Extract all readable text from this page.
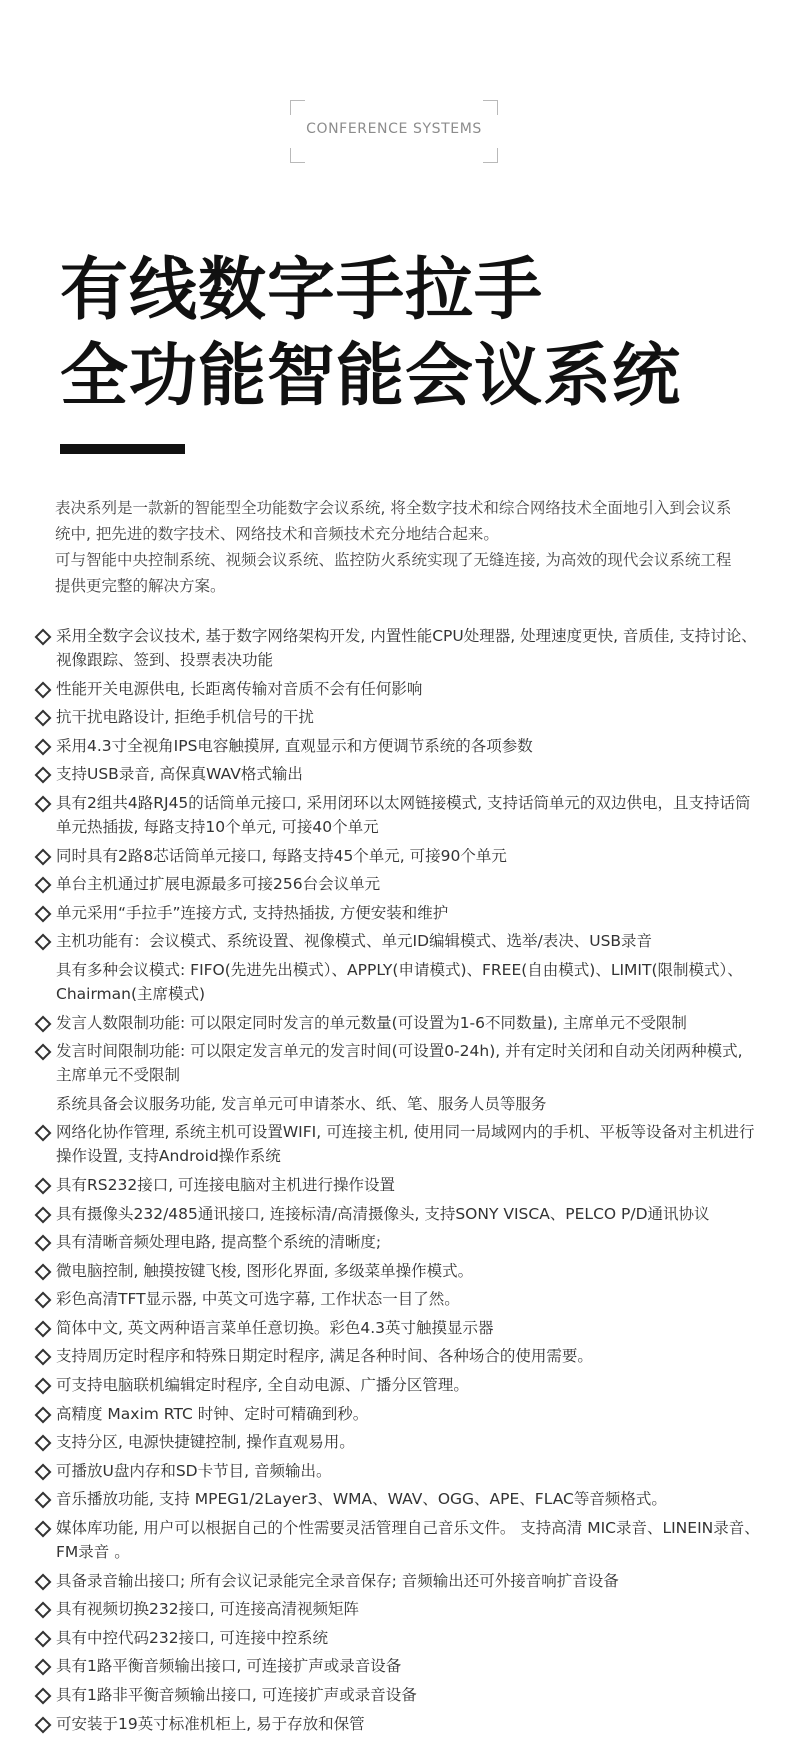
CONFERENCE SYSTEMS
有线数字手拉手
全功能智能会议系统

表决系列是一款新的智能型全功能数字会议系统, 将全数字技术和综合网络技术全面地引入到会议系统中, 把先进的数字技术、网络技术和音频技术充分地结合起来。

可与智能中央控制系统、视频会议系统、监控防火系统实现了无缝连接, 为高效的现代会议系统工程提供更完整的解决方案。

采用全数字会议技术, 基于数字网络架构开发, 内置性能CPU处理器, 处理速度更快, 音质佳, 支持讨论、视像跟踪、签到、投票表决功能
性能开关电源供电, 长距离传输对音质不会有任何影响
抗干扰电路设计, 拒绝手机信号的干扰
采用4.3寸全视角IPS电容触摸屏, 直观显示和方便调节系统的各项参数
支持USB录音, 高保真WAV格式输出
具有2组共4路RJ45的话筒单元接口, 采用闭环以太网链接模式, 支持话筒单元的双边供电，且支持话筒单元热插拔, 每路支持10个单元, 可接40个单元
同时具有2路8芯话筒单元接口, 每路支持45个单元, 可接90个单元
单台主机通过扩展电源最多可接256台会议单元
单元采用“手拉手”连接方式, 支持热插拔, 方便安装和维护
主机功能有：会议模式、系统设置、视像模式、单元ID编辑模式、选举/表决、USB录音
具有多种会议模式: FIFO(先进先出模式）、APPLY(申请模式)、FREE(自由模式)、LIMIT(限制模式）、Chairman(主席模式)
发言人数限制功能: 可以限定同时发言的单元数量(可设置为1-6不同数量), 主席单元不受限制
发言时间限制功能: 可以限定发言单元的发言时间(可设置0-24h), 并有定时关闭和自动关闭两种模式, 主席单元不受限制
系统具备会议服务功能, 发言单元可申请茶水、纸、笔、服务人员等服务
网络化协作管理, 系统主机可设置WIFI, 可连接主机, 使用同一局域网内的手机、平板等设备对主机进行操作设置, 支持Android操作系统
具有RS232接口, 可连接电脑对主机进行操作设置
具有摄像头232/485通讯接口, 连接标清/高清摄像头, 支持SONY VISCA、PELCO P/D通讯协议
具有清晰音频处理电路, 提高整个系统的清晰度;
微电脑控制, 触摸按键飞梭, 图形化界面, 多级菜单操作模式。
彩色高清TFT显示器, 中英文可选字幕, 工作状态一目了然。
简体中文, 英文两种语言菜单任意切换。彩色4.3英寸触摸显示器
支持周历定时程序和特殊日期定时程序, 满足各种时间、各种场合的使用需要。
可支持电脑联机编辑定时程序, 全自动电源、广播分区管理。
高精度 Maxim RTC 时钟、定时可精确到秒。
支持分区, 电源快捷键控制, 操作直观易用。
可播放U盘内存和SD卡节目, 音频输出。
音乐播放功能, 支持 MPEG1/2Layer3、WMA、WAV、OGG、APE、FLAC等音频格式。
媒体库功能, 用户可以根据自己的个性需要灵活管理自己音乐文件。 支持高清 MIC录音、LINEIN录音、FM录音 。
具备录音输出接口; 所有会议记录能完全录音保存; 音频输出还可外接音响扩音设备
具有视频切换232接口, 可连接高清视频矩阵
具有中控代码232接口, 可连接中控系统
具有1路平衡音频输出接口, 可连接扩声或录音设备
具有1路非平衡音频输出接口, 可连接扩声或录音设备
可安装于19英寸标准机柜上, 易于存放和保管
